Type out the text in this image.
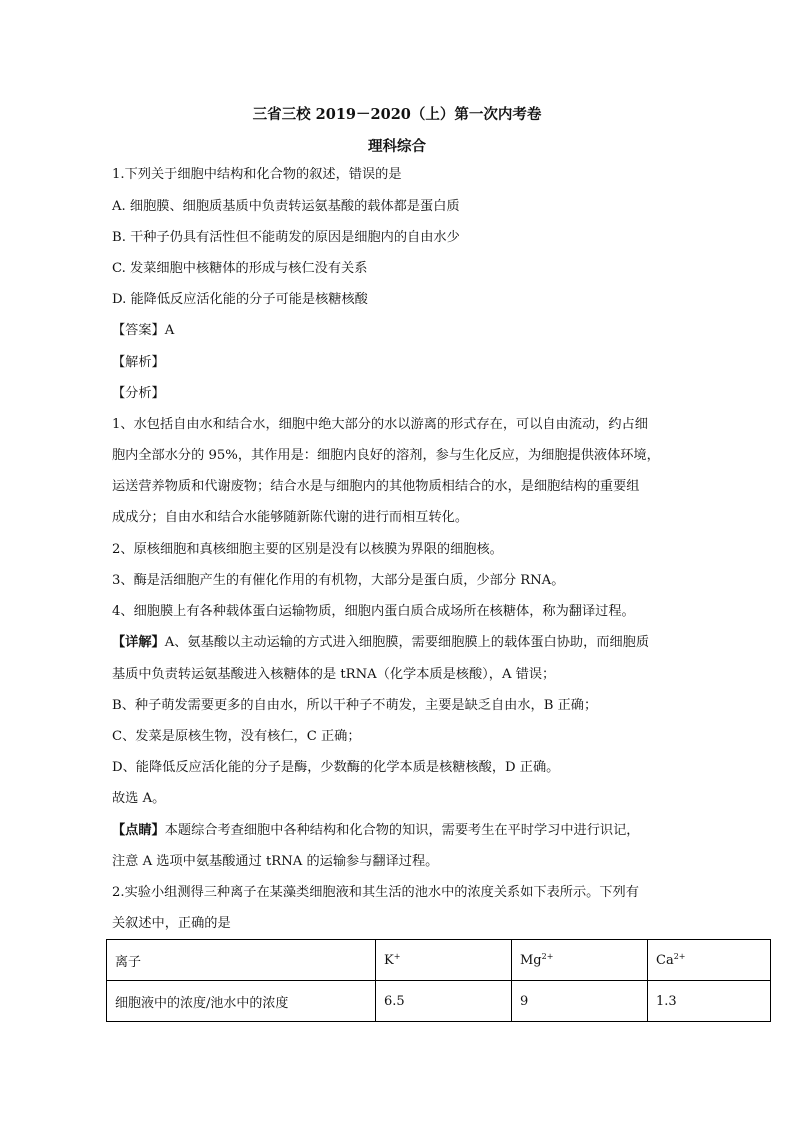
三省三校 2019－2020（上）第一次内考卷
理科综合
1.下列关于细胞中结构和化合物的叙述，错误的是
A. 细胞膜、细胞质基质中负责转运氨基酸的载体都是蛋白质
B. 干种子仍具有活性但不能萌发的原因是细胞内的自由水少
C. 发菜细胞中核糖体的形成与核仁没有关系
D. 能降低反应活化能的分子可能是核糖核酸
【答案】A
【解析】
【分析】
1、水包括自由水和结合水，细胞中绝大部分的水以游离的形式存在，可以自由流动，约占细
胞内全部水分的 95%，其作用是：细胞内良好的溶剂，参与生化反应，为细胞提供液体环境，
运送营养物质和代谢废物；结合水是与细胞内的其他物质相结合的水，是细胞结构的重要组
成成分；自由水和结合水能够随新陈代谢的进行而相互转化。
2、原核细胞和真核细胞主要的区别是没有以核膜为界限的细胞核。
3、酶是活细胞产生的有催化作用的有机物，大部分是蛋白质，少部分 RNA。
4、细胞膜上有各种载体蛋白运输物质，细胞内蛋白质合成场所在核糖体，称为翻译过程。
【详解】A、氨基酸以主动运输的方式进入细胞膜，需要细胞膜上的载体蛋白协助，而细胞质
基质中负责转运氨基酸进入核糖体的是 tRNA（化学本质是核酸），A 错误；
B、种子萌发需要更多的自由水，所以干种子不萌发，主要是缺乏自由水，B 正确；
C、发菜是原核生物，没有核仁，C 正确；
D、能降低反应活化能的分子是酶，少数酶的化学本质是核糖核酸，D 正确。
故选 A。
【点睛】本题综合考查细胞中各种结构和化合物的知识，需要考生在平时学习中进行识记，
注意 A 选项中氨基酸通过 tRNA 的运输参与翻译过程。
2.实验小组测得三种离子在某藻类细胞液和其生活的池水中的浓度关系如下表所示。下列有
关叙述中，正确的是
离子	K+	$Mg^{2+}$	$Ca^{2+}$
细胞液中的浓度/池水中的浓度	6.5	9	1.3
